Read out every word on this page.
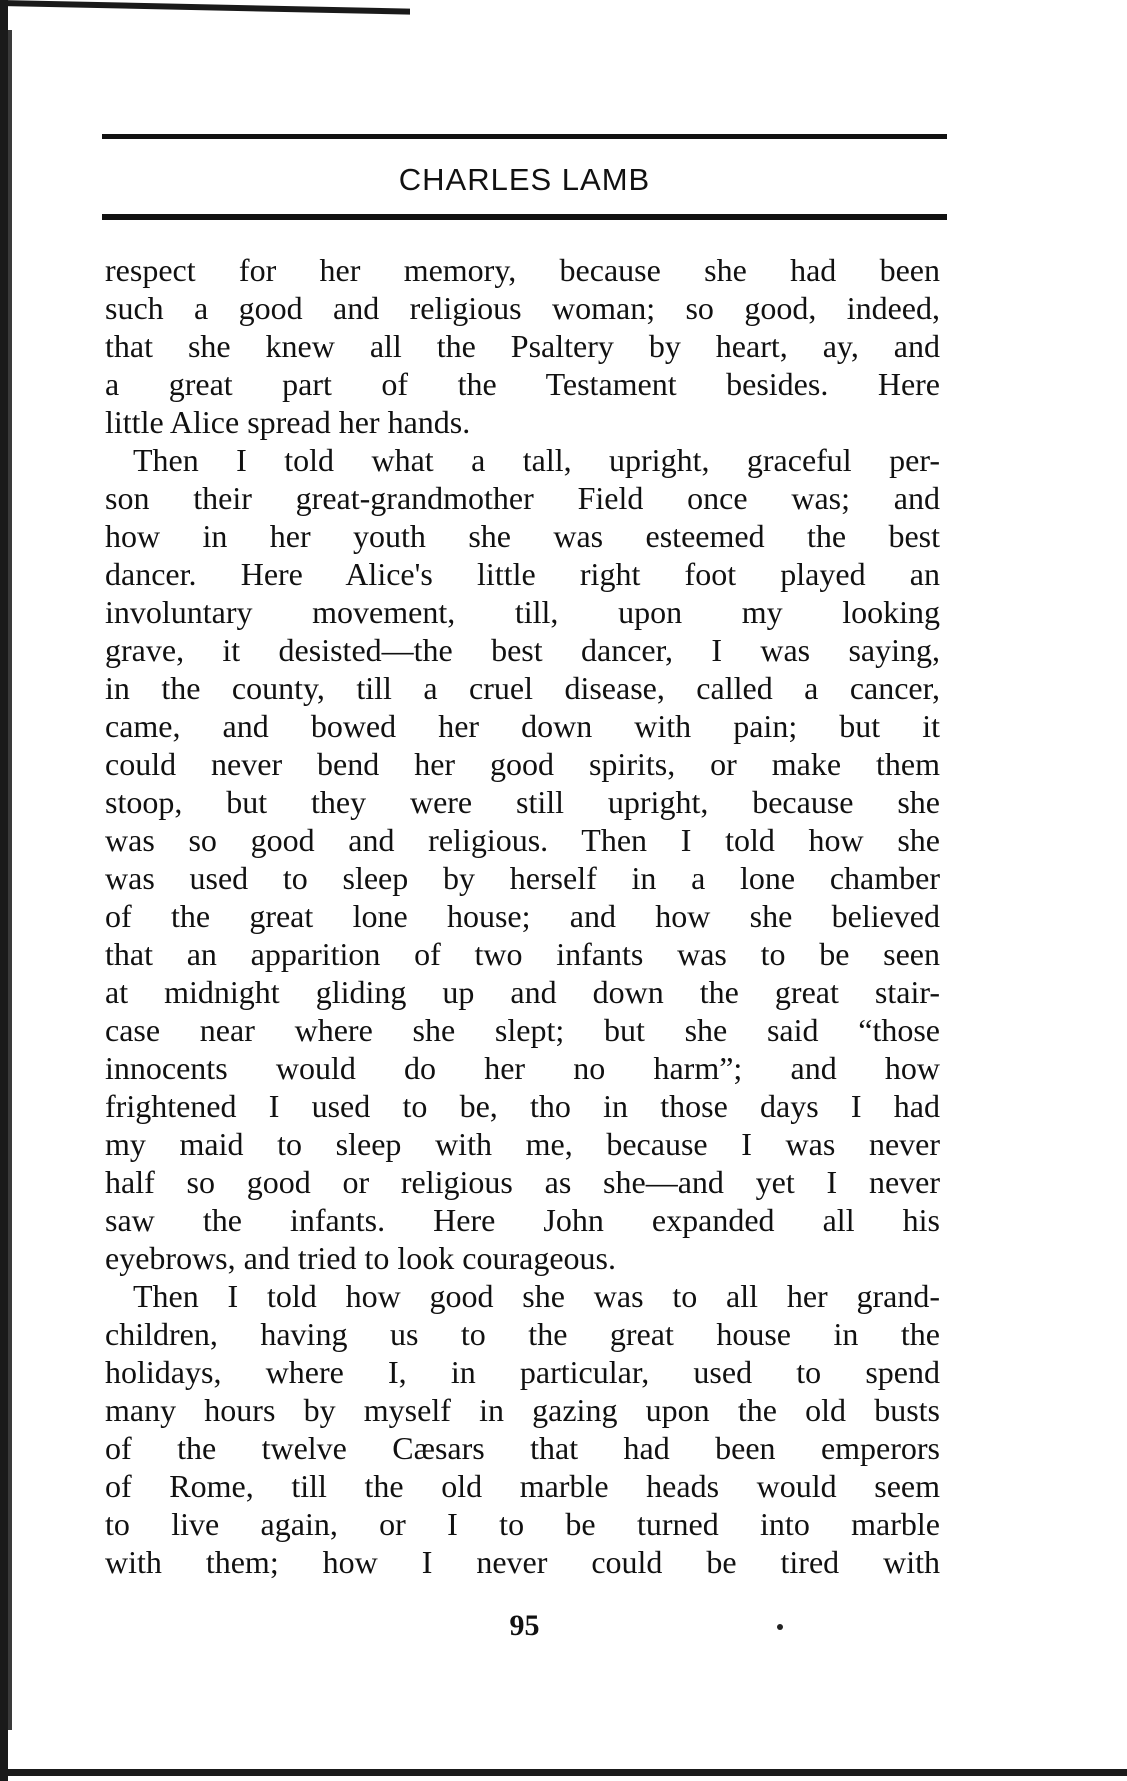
CHARLES LAMB
respect for her memory, because she had been
such a good and religious woman; so good, indeed,
that she knew all the Psaltery by heart, ay, and
a great part of the Testament besides. Here
little Alice spread her hands.
Then I told what a tall, upright, graceful per-
son their great-grandmother Field once was; and
how in her youth she was esteemed the best
dancer. Here Alice's little right foot played an
involuntary movement, till, upon my looking
grave, it desisted—the best dancer, I was saying,
in the county, till a cruel disease, called a cancer,
came, and bowed her down with pain; but it
could never bend her good spirits, or make them
stoop, but they were still upright, because she
was so good and religious. Then I told how she
was used to sleep by herself in a lone chamber
of the great lone house; and how she believed
that an apparition of two infants was to be seen
at midnight gliding up and down the great stair-
case near where she slept; but she said “those
innocents would do her no harm”; and how
frightened I used to be, tho in those days I had
my maid to sleep with me, because I was never
half so good or religious as she—and yet I never
saw the infants. Here John expanded all his
eyebrows, and tried to look courageous.
Then I told how good she was to all her grand-
children, having us to the great house in the
holidays, where I, in particular, used to spend
many hours by myself in gazing upon the old busts
of the twelve Cæsars that had been emperors
of Rome, till the old marble heads would seem
to live again, or I to be turned into marble
with them; how I never could be tired with
95
